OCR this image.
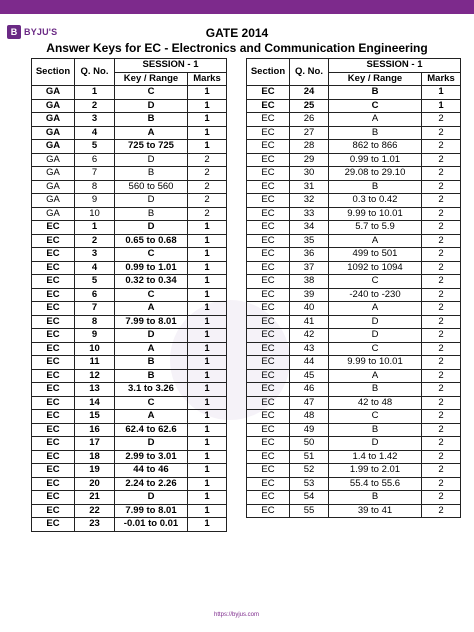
B BYJU'S	GATE 2014
Answer Keys for EC - Electronics and Communication Engineering
Section	Q. No.	SESSION - 1	
		Key / Range	Marks
GA	1	C	1
GA	2	D	1
GA	3	B	1
GA	4	A	1
GA	5	725 to 725	1
GA	6	D	2
GA	7	B	2
GA	8	560 to 560	2
GA	9	D	2
GA	10	B	2
EC	1	D	1
EC	2	0.65 to 0.68	1
EC	3	C	1
EC	4	0.99 to 1.01	1
EC	5	0.32 to 0.34	1
EC	6	C	1
EC	7	A	1
EC	8	7.99 to 8.01	1
EC	9	D	1
EC	10	A	1
EC	11	B	1
EC	12	B	1
EC	13	3.1 to 3.26	1
EC	14	C	1
EC	15	A	1
EC	16	62.4 to 62.6	1
EC	17	D	1
EC	18	2.99 to 3.01	1
EC	19	44 to 46	1
EC	20	2.24 to 2.26	1
EC	21	D	1
EC	22	7.99 to 8.01	1
EC	23	-0.01 to 0.01	1
Section	Q. No.	SESSION - 1	
		Key / Range	Marks
EC	24	B	1
EC	25	C	1
EC	26	A	2
EC	27	B	2
EC	28	862 to 866	2
EC	29	0.99 to 1.01	2
EC	30	29.08 to 29.10	2
EC	31	B	2
EC	32	0.3 to 0.42	2
EC	33	9.99 to 10.01	2
EC	34	5.7 to 5.9	2
EC	35	A	2
EC	36	499 to 501	2
EC	37	1092 to 1094	2
EC	38	C	2
EC	39	-240 to -230	2
EC	40	A	2
EC	41	D	2
EC	42	D	2
EC	43	C	2
EC	44	9.99 to 10.01	2
EC	45	A	2
EC	46	B	2
EC	47	42 to 48	2
EC	48	C	2
EC	49	B	2
EC	50	D	2
EC	51	1.4 to 1.42	2
EC	52	1.99 to 2.01	2
EC	53	55.4 to 55.6	2
EC	54	B	2
EC	55	39 to 41	2
https://byjus.com
